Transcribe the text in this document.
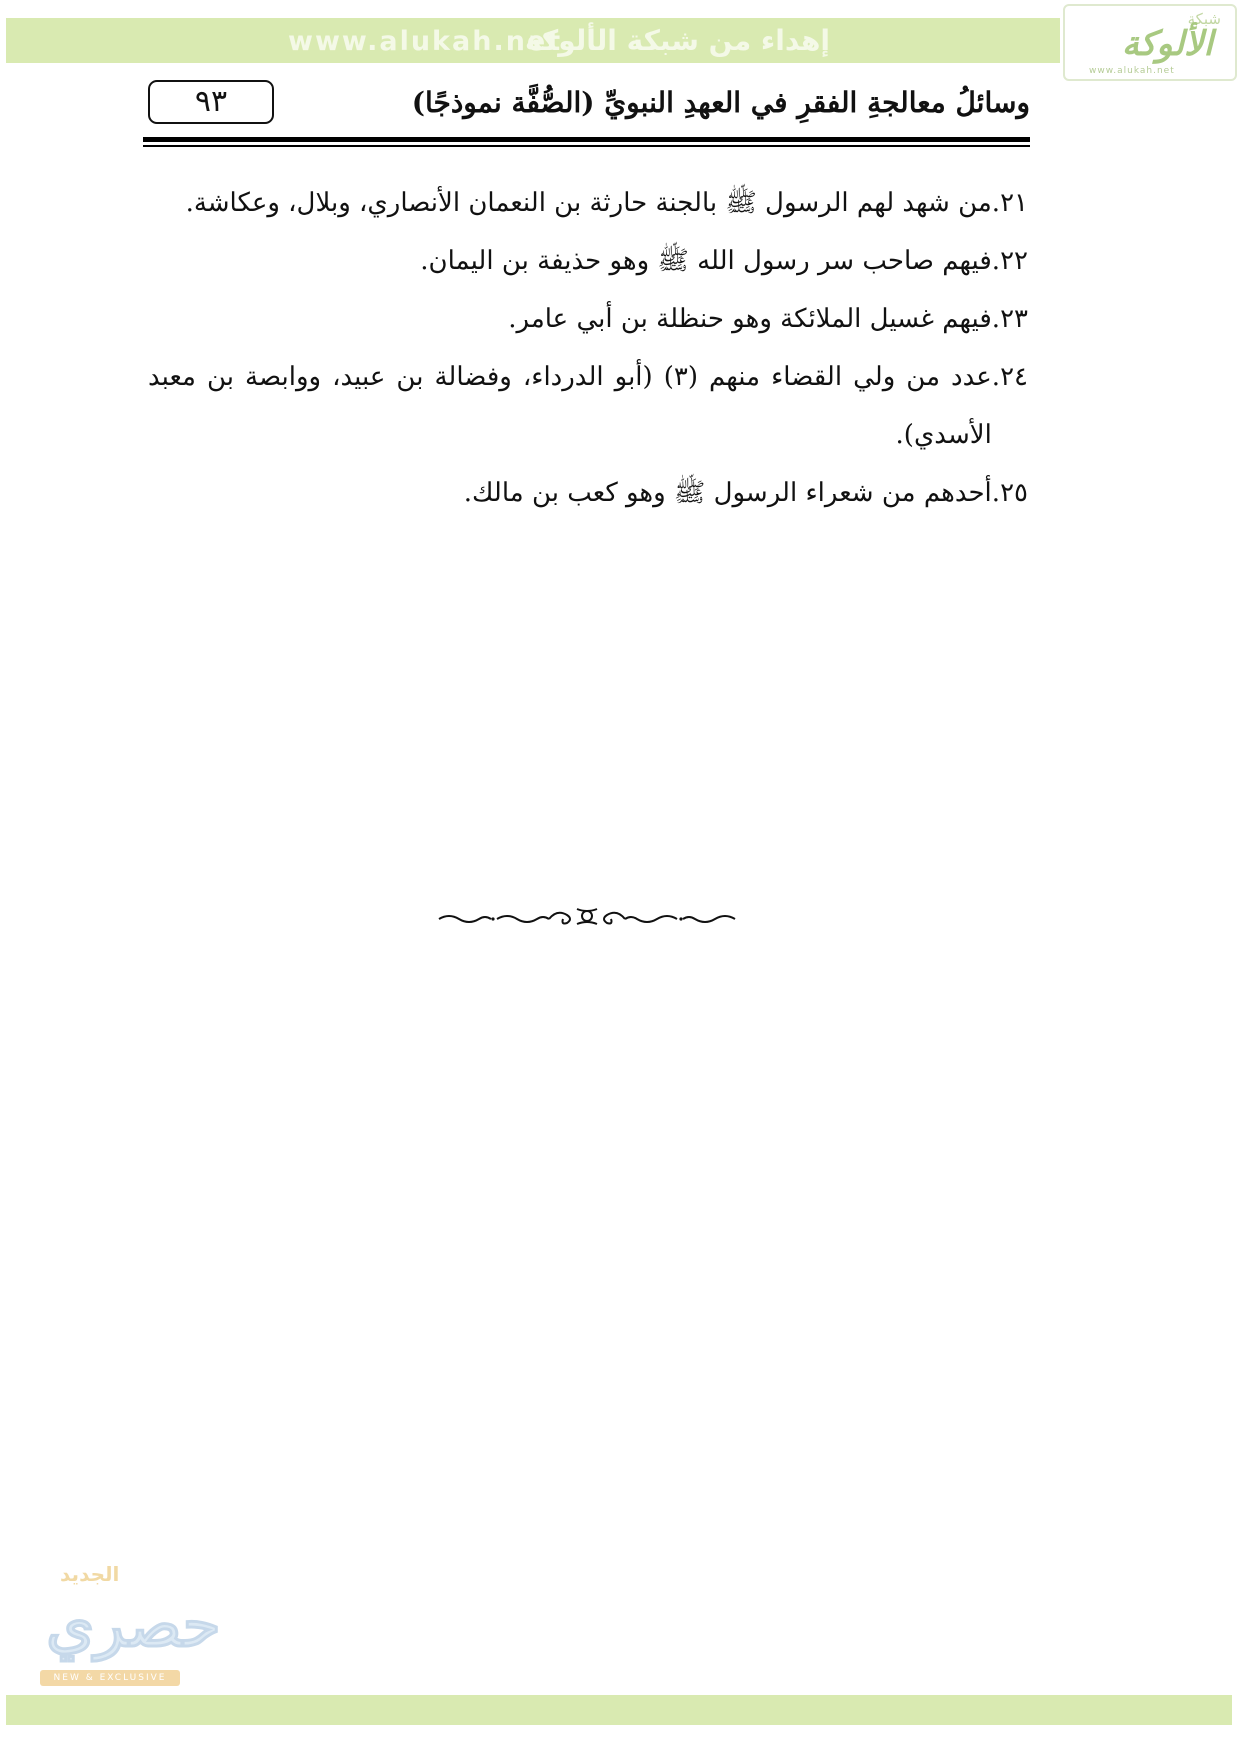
إهداء من شبكة الألوكة
www.alukah.net
شبكة
الألوكة
www.alukah.net
٩٣	وسائلُ معالجةِ الفقرِ في العهدِ النبويِّ (الصُّفَّة نموذجًا)
٢١.
من شهد لهم الرسول ﷺ بالجنة حارثة بن النعمان الأنصاري، وبلال، وعكاشة.
٢٢.
فيهم صاحب سر رسول الله ﷺ وهو حذيفة بن اليمان.
٢٣.
فيهم غسيل الملائكة وهو حنظلة بن أبي عامر.
٢٤.
عدد من ولي القضاء منهم (٣) (أبو الدرداء، وفضالة بن عبيد، ووابصة بن معبد الأسدي).
٢٥.
أحدهم من شعراء الرسول ﷺ وهو كعب بن مالك.
الجديد
حصري
NEW & EXCLUSIVE
